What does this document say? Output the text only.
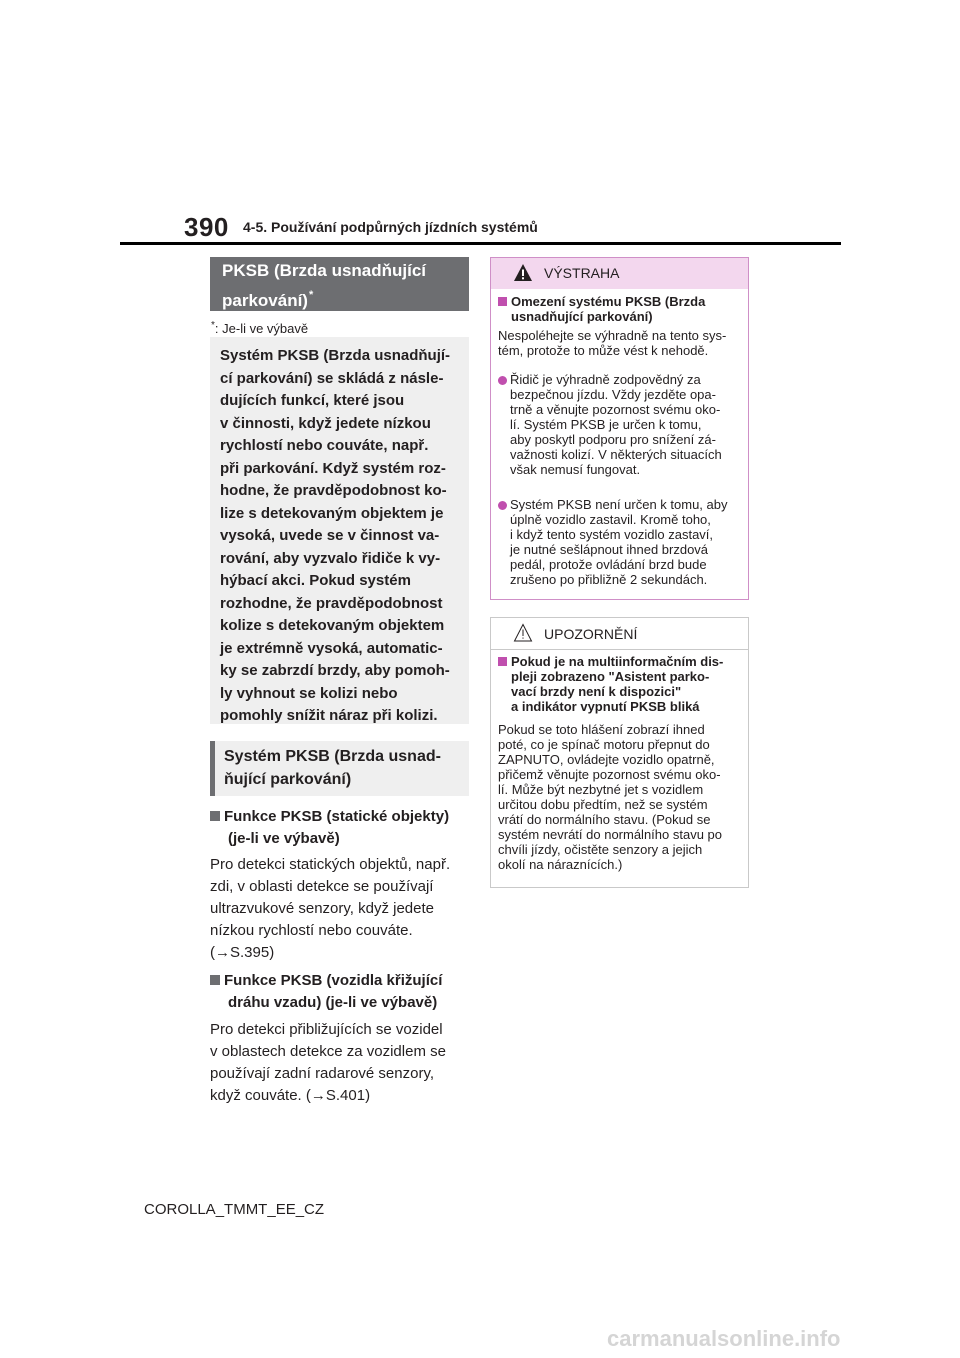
390 4-5. Používání podpůrných jízdních systémů
PKSB (Brzda usnadňující
parkování)*
*: Je-li ve výbavě

Systém PKSB (Brzda usnadňují-
cí parkování) se skládá z násle-
dujících funkcí, které jsou
v činnosti, když jedete nízkou
rychlostí nebo couváte, např.
při parkování. Když systém roz-
hodne, že pravděpodobnost ko-
lize s detekovaným objektem je
vysoká, uvede se v činnost va-
rování, aby vyzvalo řidiče k vy-
hýbací akci. Pokud systém
rozhodne, že pravděpodobnost
kolize s detekovaným objektem
je extrémně vysoká, automatic-
ky se zabrzdí brzdy, aby pomoh-
ly vyhnout se kolizi nebo
pomohly snížit náraz při kolizi.

Systém PKSB (Brzda usnad-
ňující parkování)
Funkce PKSB (statické objekty)
(je-li ve výbavě)
Pro detekci statických objektů, např.
zdi, v oblasti detekce se používají
ultrazvukové senzory, když jedete
nízkou rychlostí nebo couváte.
(→S.395)
Funkce PKSB (vozidla křižující
dráhu vzadu) (je-li ve výbavě)
Pro detekci přibližujících se vozidel
v oblastech detekce za vozidlem se
používají zadní radarové senzory,
když couváte. (→S.401)
VÝSTRAHA
Omezení systému PKSB (Brzda
usnadňující parkování)
Nespoléhejte se výhradně na tento sys-
tém, protože to může vést k nehodě.
Řidič je výhradně zodpovědný za
bezpečnou jízdu. Vždy jezděte opa-
trně a věnujte pozornost svému oko-
lí. Systém PKSB je určen k tomu,
aby poskytl podporu pro snížení zá-
važnosti kolizí. V některých situacích
však nemusí fungovat.
Systém PKSB není určen k tomu, aby
úplně vozidlo zastavil. Kromě toho,
i když tento systém vozidlo zastaví,
je nutné sešlápnout ihned brzdová
pedál, protože ovládání brzd bude
zrušeno po přibližně 2 sekundách.
UPOZORNĚNÍ
Pokud je na multiinformačním dis-
pleji zobrazeno "Asistent parko-
vací brzdy není k dispozici"
a indikátor vypnutí PKSB bliká
Pokud se toto hlášení zobrazí ihned
poté, co je spínač motoru přepnut do
ZAPNUTO, ovládejte vozidlo opatrně,
přičemž věnujte pozornost svému oko-
lí. Může být nezbytné jet s vozidlem
určitou dobu předtím, než se systém
vrátí do normálního stavu. (Pokud se
systém nevrátí do normálního stavu po
chvíli jízdy, očistěte senzory a jejich
okolí na náraznících.)
COROLLA_TMMT_EE_CZ
carmanualsonline.info
